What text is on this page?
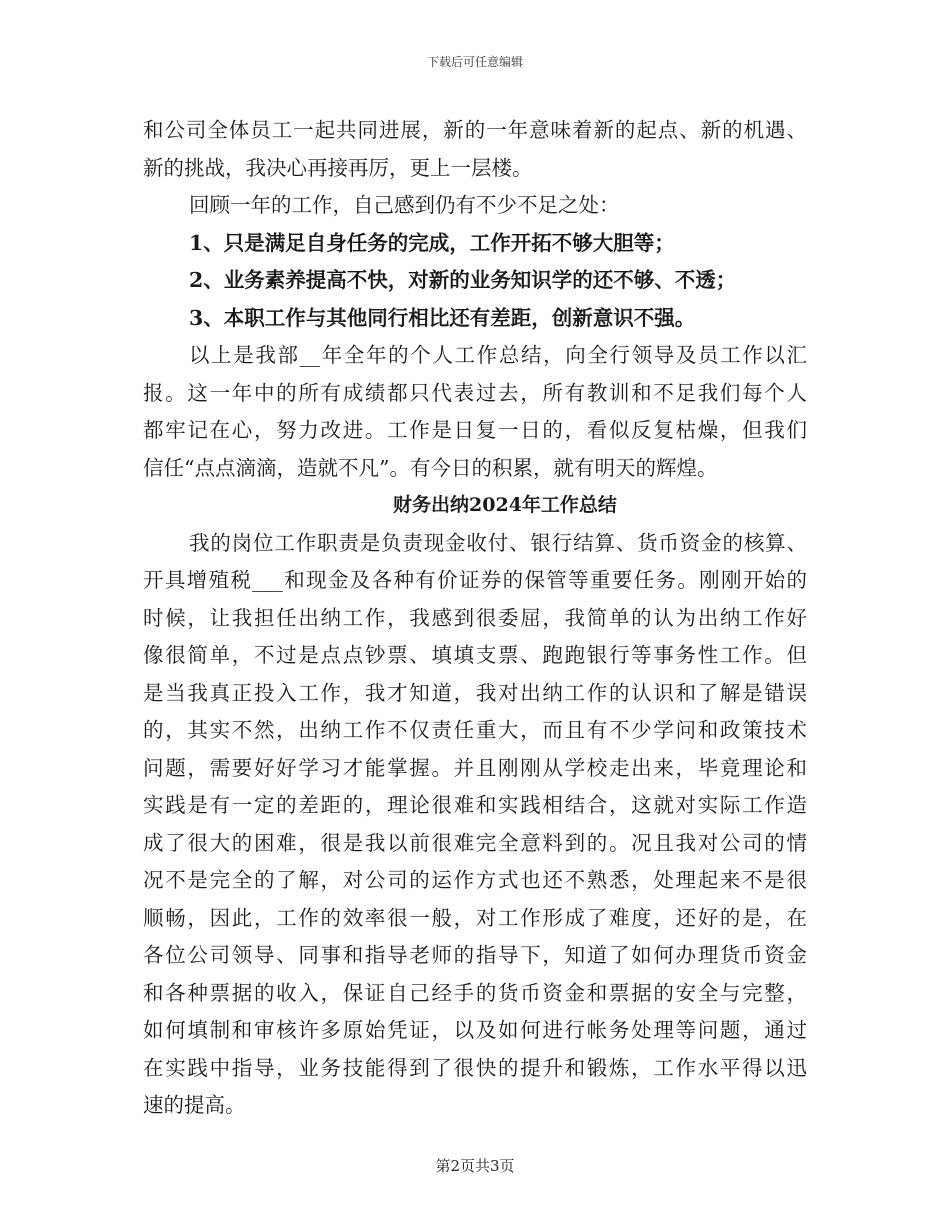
下载后可任意编辑
和公司全体员工一起共同进展，新的一年意味着新的起点、新的机遇、
新的挑战，我决心再接再厉，更上一层楼。
回顾一年的工作，自己感到仍有不少不足之处：
1、只是满足自身任务的完成，工作开拓不够大胆等；
2、业务素养提高不快，对新的业务知识学的还不够、不透；
3、本职工作与其他同行相比还有差距，创新意识不强。
以上是我部__年全年的个人工作总结，向全行领导及员工作以汇
报。这一年中的所有成绩都只代表过去，所有教训和不足我们每个人
都牢记在心，努力改进。工作是日复一日的，看似反复枯燥，但我们
信任“点点滴滴，造就不凡”。有今日的积累，就有明天的辉煌。
财务出纳2024年工作总结
我的岗位工作职责是负责现金收付、银行结算、货币资金的核算、
开具增殖税___和现金及各种有价证券的保管等重要任务。刚刚开始的
时候，让我担任出纳工作，我感到很委屈，我简单的认为出纳工作好
像很简单，不过是点点钞票、填填支票、跑跑银行等事务性工作。但
是当我真正投入工作，我才知道，我对出纳工作的认识和了解是错误
的，其实不然，出纳工作不仅责任重大，而且有不少学问和政策技术
问题，需要好好学习才能掌握。并且刚刚从学校走出来，毕竟理论和
实践是有一定的差距的，理论很难和实践相结合，这就对实际工作造
成了很大的困难，很是我以前很难完全意料到的。况且我对公司的情
况不是完全的了解，对公司的运作方式也还不熟悉，处理起来不是很
顺畅，因此，工作的效率很一般，对工作形成了难度，还好的是，在
各位公司领导、同事和指导老师的指导下，知道了如何办理货币资金
和各种票据的收入，保证自己经手的货币资金和票据的安全与完整，
如何填制和审核许多原始凭证，以及如何进行帐务处理等问题，通过
在实践中指导，业务技能得到了很快的提升和锻炼，工作水平得以迅
速的提高。
第2页共3页
